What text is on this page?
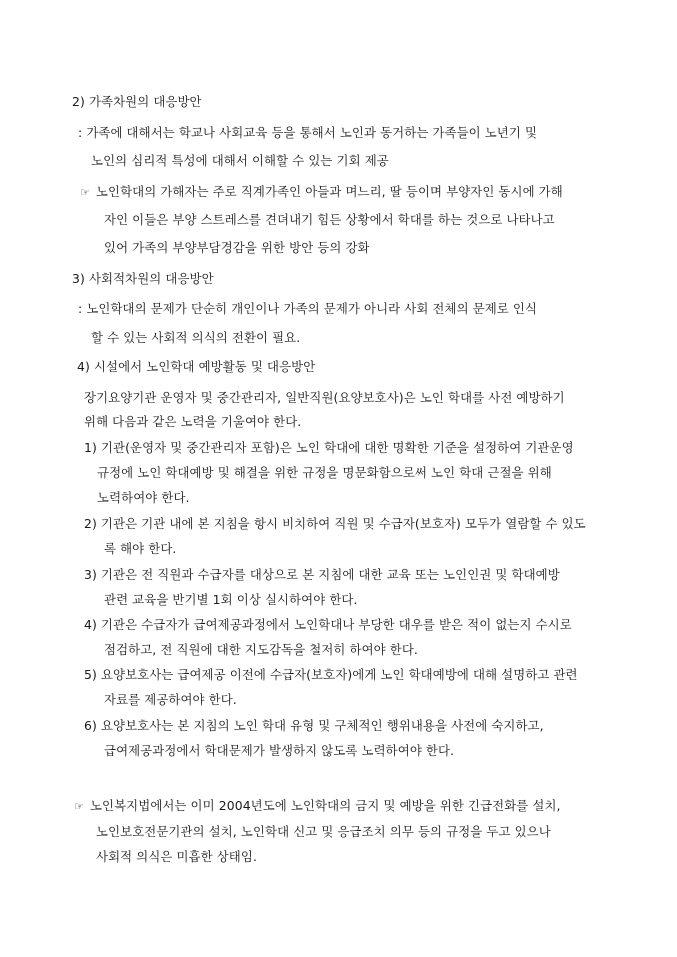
2) 가족차원의 대응방안
: 가족에 대해서는 학교나 사회교육 등을 통해서 노인과 동거하는 가족들이 노년기 및
노인의 심리적 특성에 대해서 이해할 수 있는 기회 제공
☞ 노인학대의 가해자는 주로 직계가족인 아들과 며느리, 딸 등이며 부양자인 동시에 가해
자인 이들은 부양 스트레스를 견뎌내기 힘든 상황에서 학대를 하는 것으로 나타나고
있어 가족의 부양부담경감을 위한 방안 등의 강화
3) 사회적차원의 대응방안
: 노인학대의 문제가 단순히 개인이나 가족의 문제가 아니라 사회 전체의 문제로 인식
할 수 있는 사회적 의식의 전환이 필요.
4) 시설에서 노인학대 예방활동 및 대응방안
장기요양기관 운영자 및 중간관리자, 일반직원(요양보호사)은 노인 학대를 사전 예방하기
위해 다음과 같은 노력을 기울여야 한다.
1) 기관(운영자 및 중간관리자 포함)은 노인 학대에 대한 명확한 기준을 설정하여 기관운영
규정에 노인 학대예방 및 해결을 위한 규정을 명문화함으로써 노인 학대 근절을 위해
노력하여야 한다.
2) 기관은 기관 내에 본 지침을 항시 비치하여 직원 및 수급자(보호자) 모두가 열람할 수 있도
록 해야 한다.
3) 기관은 전 직원과 수급자를 대상으로 본 지침에 대한 교육 또는 노인인권 및 학대예방
관련 교육을 반기별 1회 이상 실시하여야 한다.
4) 기관은 수급자가 급여제공과정에서 노인학대나 부당한 대우를 받은 적이 없는지 수시로
점검하고, 전 직원에 대한 지도감독을 철저히 하여야 한다.
5) 요양보호사는 급여제공 이전에 수급자(보호자)에게 노인 학대예방에 대해 설명하고 관련
자료를 제공하여야 한다.
6) 요양보호사는 본 지침의 노인 학대 유형 및 구체적인 행위내용을 사전에 숙지하고,
급여제공과정에서 학대문제가 발생하지 않도록 노력하여야 한다.
☞ 노인복지법에서는 이미 2004년도에 노인학대의 금지 및 예방을 위한 긴급전화를 설치,
노인보호전문기관의 설치, 노인학대 신고 및 응급조치 의무 등의 규정을 두고 있으나
사회적 의식은 미흡한 상태임.
